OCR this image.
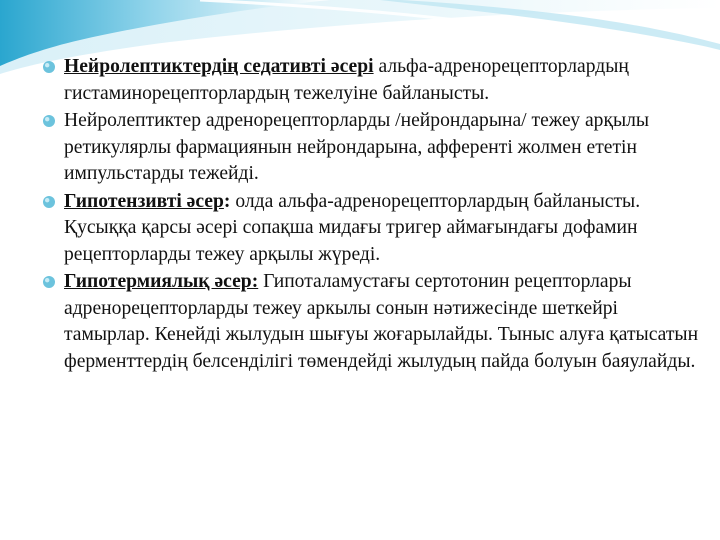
Нейролептиктердің седативті әсері альфа-адренорецепторлардың гистаминорецепторлардың тежелуіне байланысты.
Нейролептиктер адренорецепторларды /нейрондарына/ тежеу арқылы ретикулярлы фармациянын нейрондарына, афферентi жолмен ететiн импульстарды тежейдi.
Гипотензивті әсер: олда альфа-адренорецепторлардың байланысты. Қусыққа қарсы әсері сопақша мидағы тригер аймағындағы дофамин рецепторларды тежеу арқылы жүреді.
Гипотермиялық әсер: Гипоталамустағы сертотонин рецепторлары адренорецепторларды тежеу аркылы сонын нәтижесінде шеткейрі тамырлар. Кенейді жылудын шығуы жоғарылайды. Тыныс алуға қатысатын ферменттердің белсенділігі төмендейді жылудың пайда болуын баяулайды.
